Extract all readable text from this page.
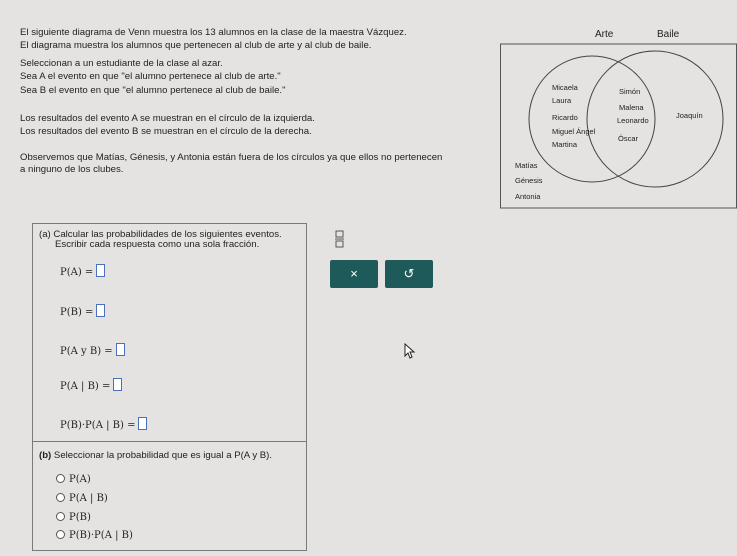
El siguiente diagrama de Venn muestra los 13 alumnos en la clase de la maestra Vázquez.
El diagrama muestra los alumnos que pertenecen al club de arte y al club de baile.
Seleccionan a un estudiante de la clase al azar.
Sea A el evento en que "el alumno pertenece al club de arte."
Sea B el evento en que "el alumno pertenece al club de baile."
Los resultados del evento A se muestran en el círculo de la izquierda.
Los resultados del evento B se muestran en el círculo de la derecha.
Observemos que Matías, Génesis, y Antonia están fuera de los círculos ya que ellos no pertenecen
a ninguno de los clubes.
Arte	Baile
Micaela
Laura
Ricardo
Miguel Ángel
Martina
Simón
Malena
Leonardo
Óscar
Joaquín
Matías
Génesis
Antonia
(a) Calcular las probabilidades de los siguientes eventos.
Escribir cada respuesta como una sola fracción.
P(A) =
P(B) =
P(A y B) =
P(A | B) =
P(B)·P(A | B) =
(b) Seleccionar la probabilidad que es igual a P(A y B).
P(A)
P(A | B)
P(B)
P(B)·P(A | B)
×	↺
